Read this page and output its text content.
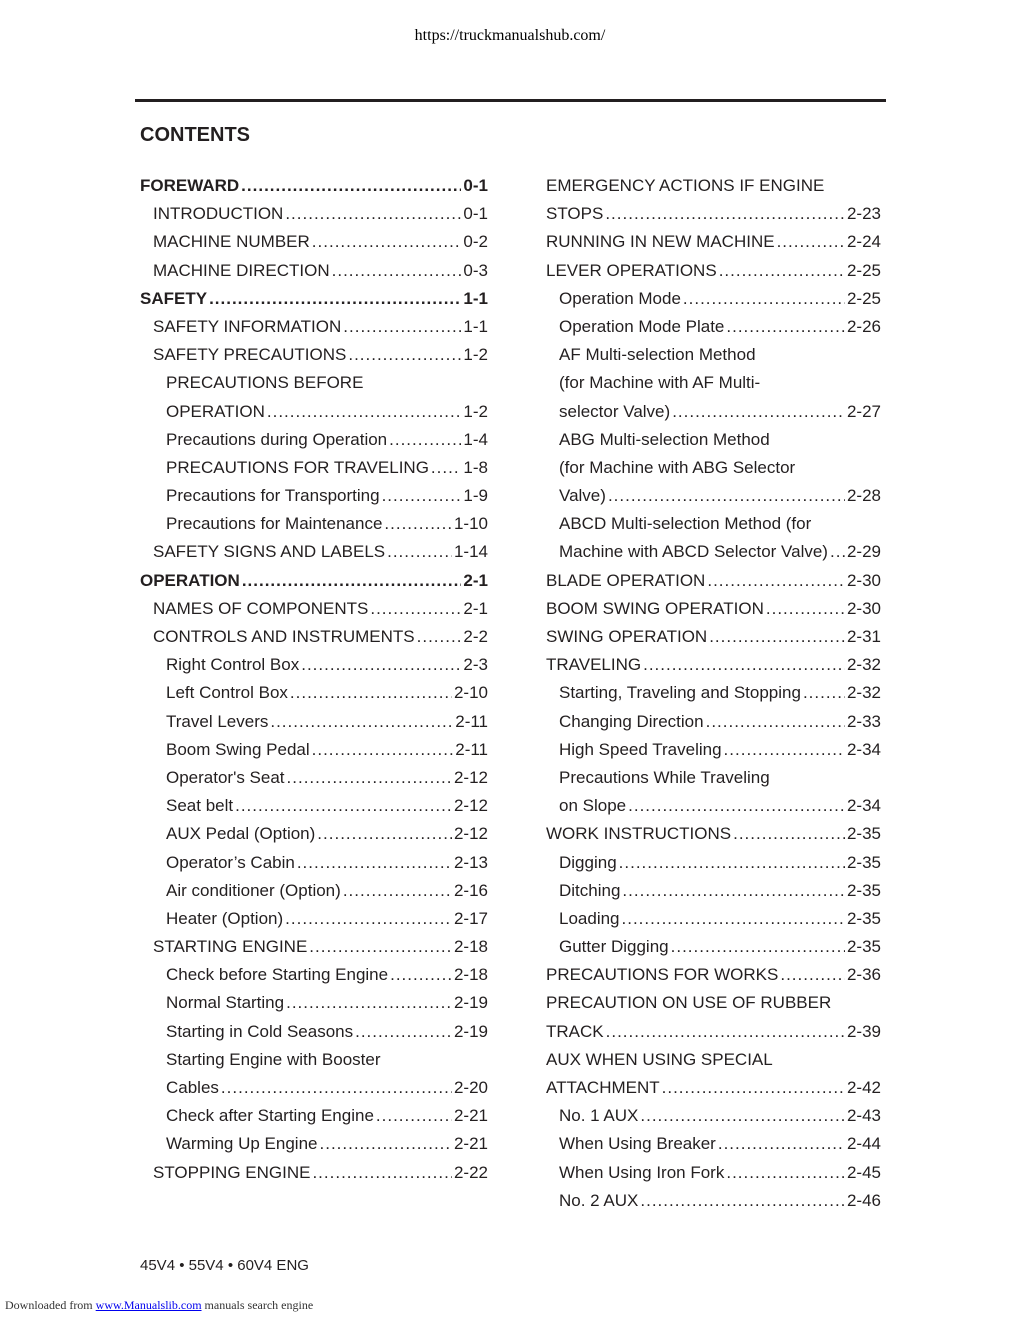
https://truckmanualshub.com/
CONTENTS
FOREWARD .....	0-1
INTRODUCTION .....	0-1
MACHINE NUMBER .....	0-2
MACHINE DIRECTION .....	0-3
SAFETY .....	1-1
SAFETY INFORMATION .....	1-1
SAFETY PRECAUTIONS .....	1-2
PRECAUTIONS BEFORE
OPERATION .....	1-2
Precautions during Operation .....	1-4
PRECAUTIONS FOR TRAVELING ..... 1-8
Precautions for Transporting .....	1-9
Precautions for Maintenance .....	1-10
SAFETY SIGNS AND LABELS .....	1-14
OPERATION .....	2-1
NAMES OF COMPONENTS .....	2-1
CONTROLS AND INSTRUMENTS .....	2-2
Right Control Box .....	2-3
Left Control Box .....	2-10
Travel Levers .....	2-11
Boom Swing Pedal .....	2-11
Operator's Seat .....	2-12
Seat belt .....	2-12
AUX Pedal (Option) .....	2-12
Operator’s Cabin .....	2-13
Air conditioner (Option) .....	2-16
Heater (Option) .....	2-17
STARTING ENGINE .....	2-18
Check before Starting Engine .....	2-18
Normal Starting .....	2-19
Starting in Cold Seasons .....	2-19
Starting Engine with Booster
Cables .....	2-20
Check after Starting Engine .....	2-21
Warming Up Engine .....	2-21
STOPPING ENGINE .....	2-22
EMERGENCY ACTIONS IF ENGINE
STOPS .....	2-23
RUNNING IN NEW MACHINE .....	2-24
LEVER OPERATIONS .....	2-25
Operation Mode .....	2-25
Operation Mode Plate .....	2-26
AF Multi-selection Method
(for Machine with AF Multi-
selector Valve) .....	2-27
ABG Multi-selection Method
(for Machine with ABG Selector
Valve) .....	2-28
ABCD Multi-selection Method (for
Machine with ABCD Selector Valve) ..... 2-29
BLADE OPERATION .....	2-30
BOOM SWING OPERATION .....	2-30
SWING OPERATION .....	2-31
TRAVELING .....	2-32
Starting, Traveling and Stopping .....	2-32
Changing Direction .....	2-33
High Speed Traveling .....	2-34
Precautions While Traveling
on Slope .....	2-34
WORK INSTRUCTIONS .....	2-35
Digging .....	2-35
Ditching .....	2-35
Loading .....	2-35
Gutter Digging .....	2-35
PRECAUTIONS FOR WORKS .....	2-36
PRECAUTION ON USE OF RUBBER
TRACK .....	2-39
AUX WHEN USING SPECIAL
ATTACHMENT .....	2-42
No. 1 AUX .....	2-43
When Using Breaker .....	2-44
When Using Iron Fork .....	2-45
No. 2 AUX .....	2-46
45V4 • 55V4 • 60V4 ENG
Downloaded from www.Manualslib.com manuals search engine
